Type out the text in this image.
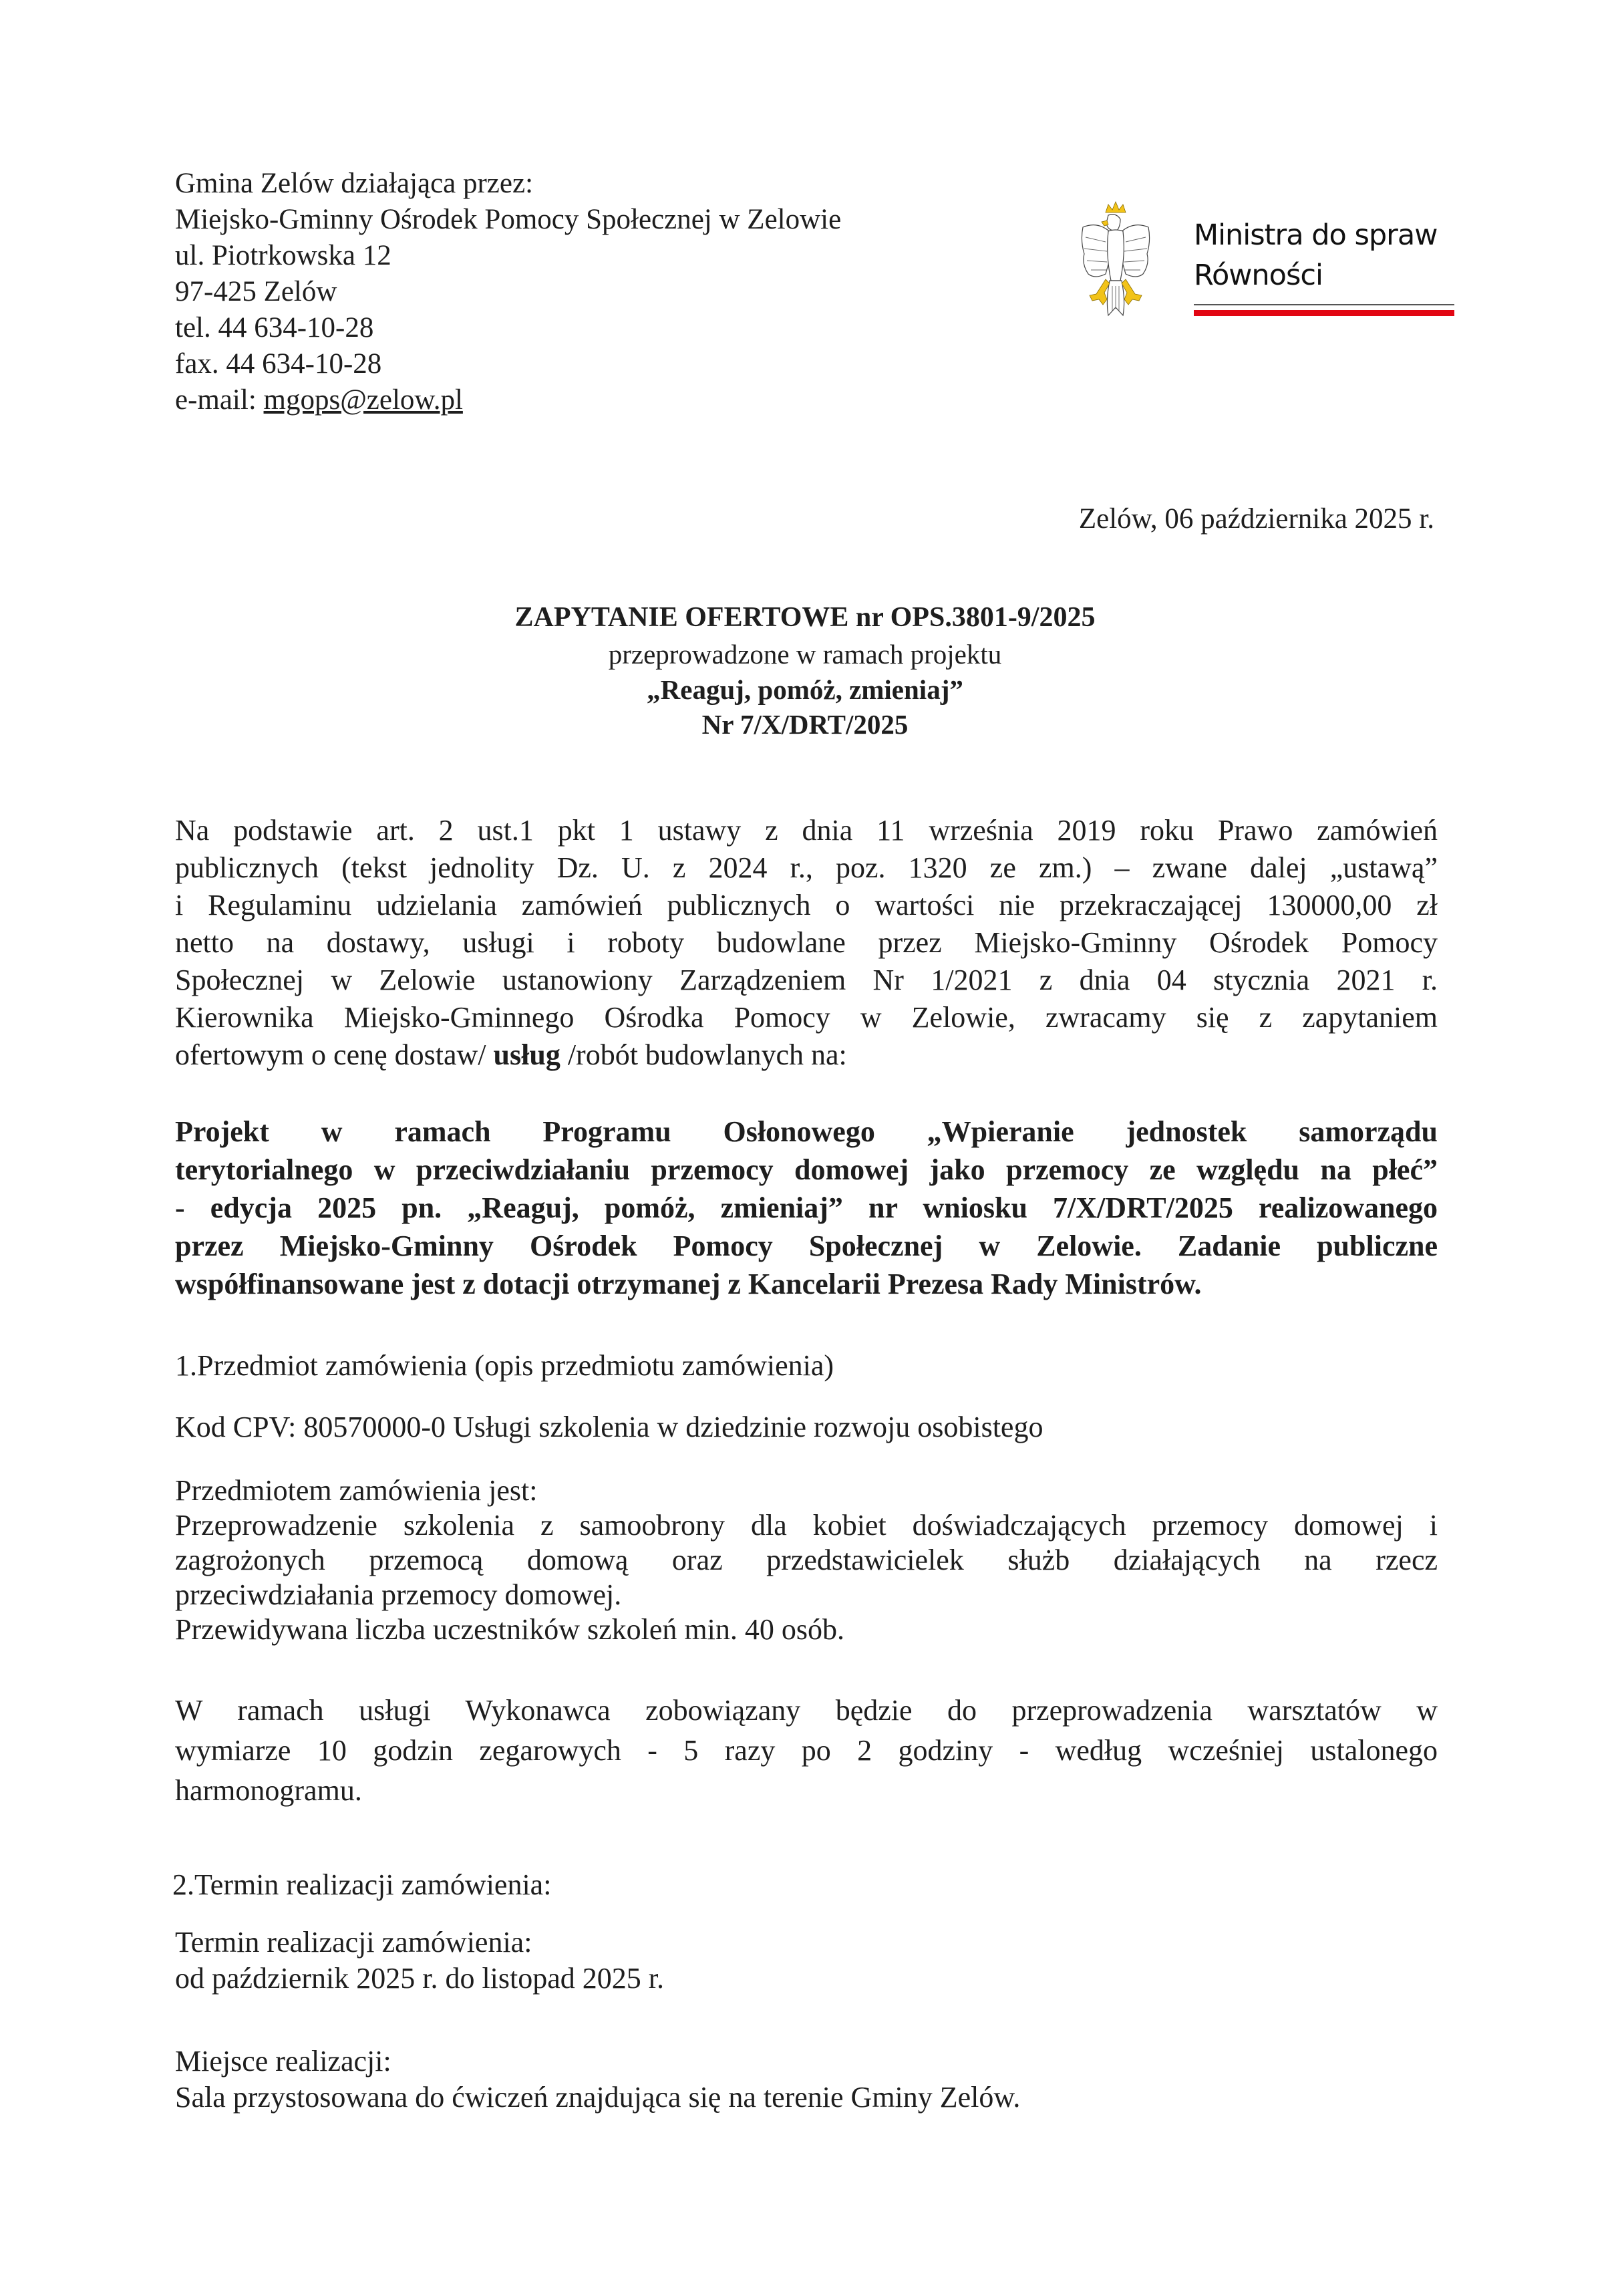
Gmina Zelów działająca przez:
Miejsko-Gminny Ośrodek Pomocy Społecznej w Zelowie
ul. Piotrkowska 12
97-425 Zelów
tel. 44 634-10-28
fax. 44 634-10-28
e-mail: mgops@zelow.pl
Ministra do spraw
Równości
Zelów, 06 października 2025 r.
ZAPYTANIE OFERTOWE nr OPS.3801-9/2025
przeprowadzone w ramach projektu
„Reaguj, pomóż, zmieniaj”
Nr 7/X/DRT/2025
Na podstawie art. 2 ust.1 pkt 1 ustawy z dnia 11 września 2019 roku Prawo zamówień
publicznych (tekst jednolity Dz. U. z 2024 r., poz. 1320 ze zm.) – zwane dalej „ustawą”
i Regulaminu udzielania zamówień publicznych o wartości nie przekraczającej 130000,00 zł
netto na dostawy, usługi i roboty budowlane przez Miejsko-Gminny Ośrodek Pomocy
Społecznej w Zelowie ustanowiony Zarządzeniem Nr 1/2021 z dnia 04 stycznia 2021 r.
Kierownika Miejsko-Gminnego Ośrodka Pomocy w Zelowie, zwracamy się z zapytaniem
ofertowym o cenę dostaw/ usług /robót budowlanych na:
Projekt w ramach Programu Osłonowego „Wpieranie jednostek samorządu
terytorialnego w przeciwdziałaniu przemocy domowej jako przemocy ze względu na płeć”
- edycja 2025 pn. „Reaguj, pomóż, zmieniaj” nr wniosku 7/X/DRT/2025 realizowanego
przez Miejsko-Gminny Ośrodek Pomocy Społecznej w Zelowie. Zadanie publiczne
współfinansowane jest z dotacji otrzymanej z Kancelarii Prezesa Rady Ministrów.
1.Przedmiot zamówienia (opis przedmiotu zamówienia)
Kod CPV: 80570000-0 Usługi szkolenia w dziedzinie rozwoju osobistego
Przedmiotem zamówienia jest:
Przeprowadzenie szkolenia z samoobrony dla kobiet doświadczających przemocy domowej i
zagrożonych przemocą domową oraz przedstawicielek służb działających na rzecz
przeciwdziałania przemocy domowej.
Przewidywana liczba uczestników szkoleń min. 40 osób.
W ramach usługi Wykonawca zobowiązany będzie do przeprowadzenia warsztatów w
wymiarze 10 godzin zegarowych - 5 razy po 2 godziny - według wcześniej ustalonego
harmonogramu.
2.Termin realizacji zamówienia:
Termin realizacji zamówienia:
od październik 2025 r. do listopad 2025 r.
Miejsce realizacji:
Sala przystosowana do ćwiczeń znajdująca się na terenie Gminy Zelów.
